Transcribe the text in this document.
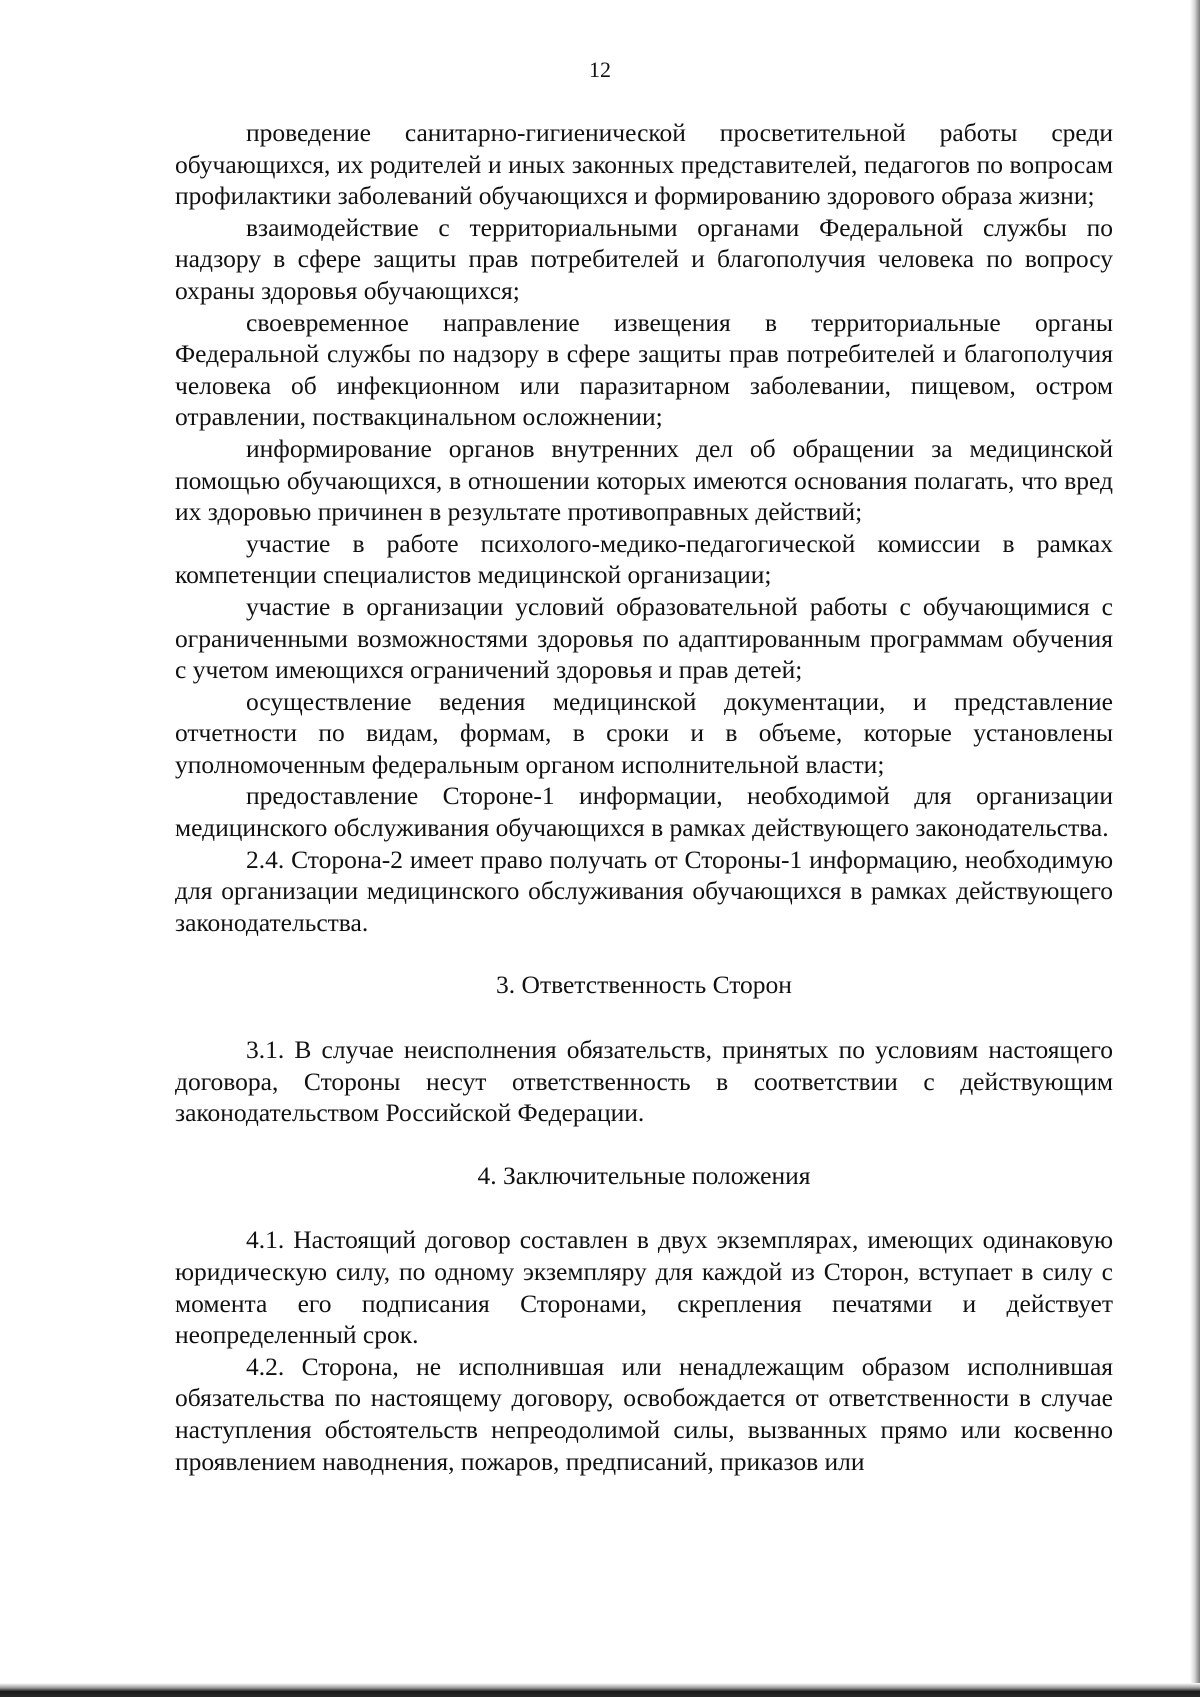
12

проведение санитарно-гигиенической просветительной работы среди обучающихся, их родителей и иных законных представителей, педагогов по вопросам профилактики заболеваний обучающихся и формированию здорового образа жизни;

взаимодействие с территориальными органами Федеральной службы по надзору в сфере защиты прав потребителей и благополучия человека по вопросу охраны здоровья обучающихся;

своевременное направление извещения в территориальные органы Федеральной службы по надзору в сфере защиты прав потребителей и благополучия человека об инфекционном или паразитарном заболевании, пищевом, остром отравлении, поствакцинальном осложнении;

информирование органов внутренних дел об обращении за медицинской помощью обучающихся, в отношении которых имеются основания полагать, что вред их здоровью причинен в результате противоправных действий;

участие в работе психолого-медико-педагогической комиссии в рамках компетенции специалистов медицинской организации;

участие в организации условий образовательной работы с обучающимися с ограниченными возможностями здоровья по адаптированным программам обучения с учетом имеющихся ограничений здоровья и прав детей;

осуществление ведения медицинской документации, и представление отчетности по видам, формам, в сроки и в объеме, которые установлены уполномоченным федеральным органом исполнительной власти;

предоставление Стороне-1 информации, необходимой для организации медицинского обслуживания обучающихся в рамках действующего законодательства.

2.4. Сторона-2 имеет право получать от Стороны-1 информацию, необходимую для организации медицинского обслуживания обучающихся в рамках действующего законодательства.

3. Ответственность Сторон

3.1. В случае неисполнения обязательств, принятых по условиям настоящего договора, Стороны несут ответственность в соответствии с действующим законодательством Российской Федерации.

4. Заключительные положения

4.1. Настоящий договор составлен в двух экземплярах, имеющих одинаковую юридическую силу, по одному экземпляру для каждой из Сторон, вступает в силу с момента его подписания Сторонами, скрепления печатями и действует неопределенный срок.

4.2. Сторона, не исполнившая или ненадлежащим образом исполнившая обязательства по настоящему договору, освобождается от ответственности в случае наступления обстоятельств непреодолимой силы, вызванных прямо или косвенно проявлением наводнения, пожаров, предписаний, приказов или
